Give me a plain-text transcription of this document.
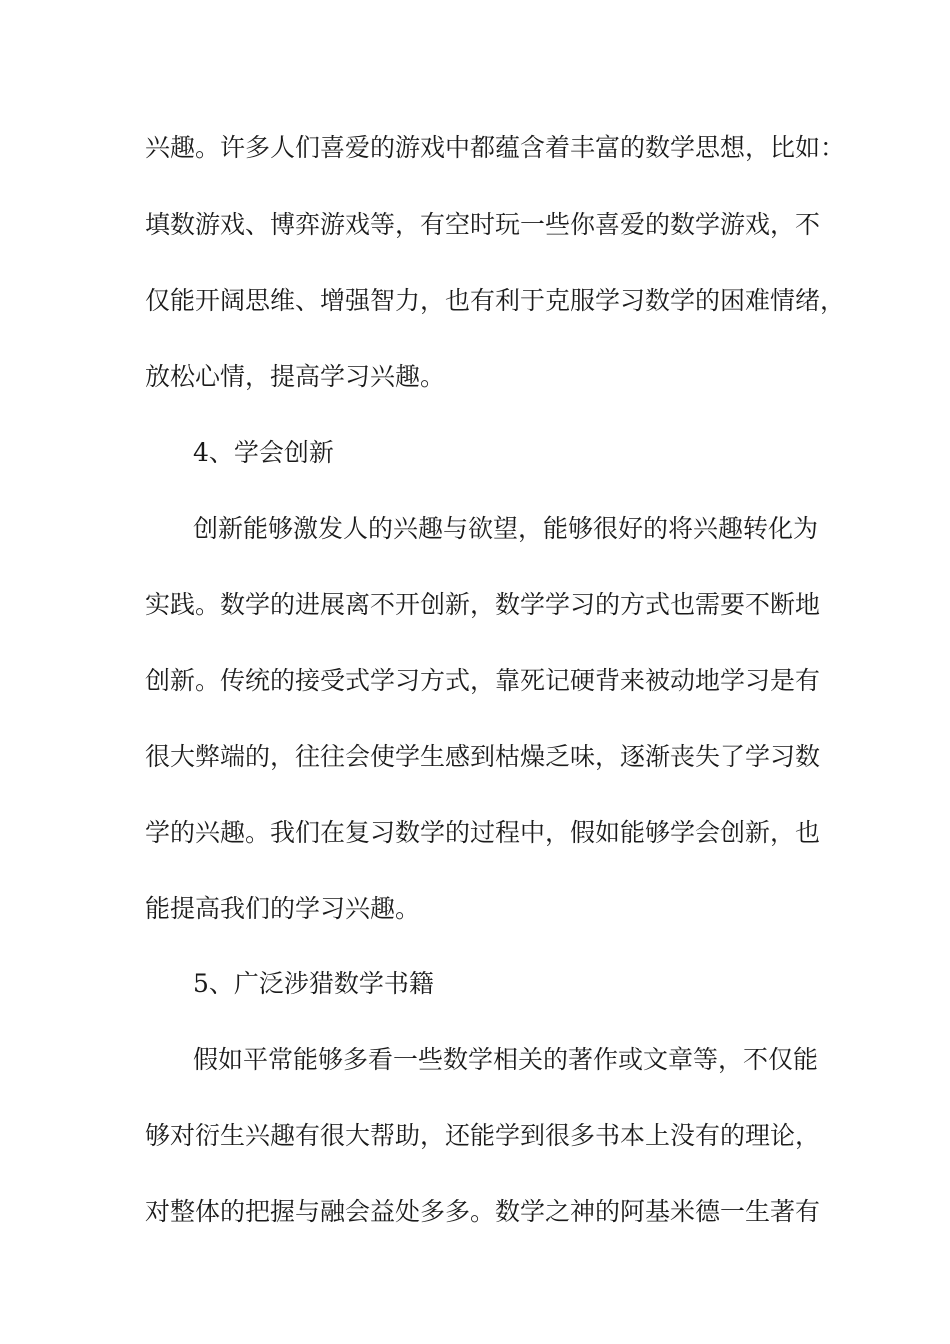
兴趣。许多人们喜爱的游戏中都蕴含着丰富的数学思想，比如：
填数游戏、博弈游戏等，有空时玩一些你喜爱的数学游戏，不
仅能开阔思维、增强智力，也有利于克服学习数学的困难情绪，
放松心情，提高学习兴趣。
4、学会创新
创新能够激发人的兴趣与欲望，能够很好的将兴趣转化为
实践。数学的进展离不开创新，数学学习的方式也需要不断地
创新。传统的接受式学习方式，靠死记硬背来被动地学习是有
很大弊端的，往往会使学生感到枯燥乏味，逐渐丧失了学习数
学的兴趣。我们在复习数学的过程中，假如能够学会创新，也
能提高我们的学习兴趣。
5、广泛涉猎数学书籍
假如平常能够多看一些数学相关的著作或文章等，不仅能
够对衍生兴趣有很大帮助，还能学到很多书本上没有的理论，
对整体的把握与融会益处多多。数学之神的阿基米德一生著有
